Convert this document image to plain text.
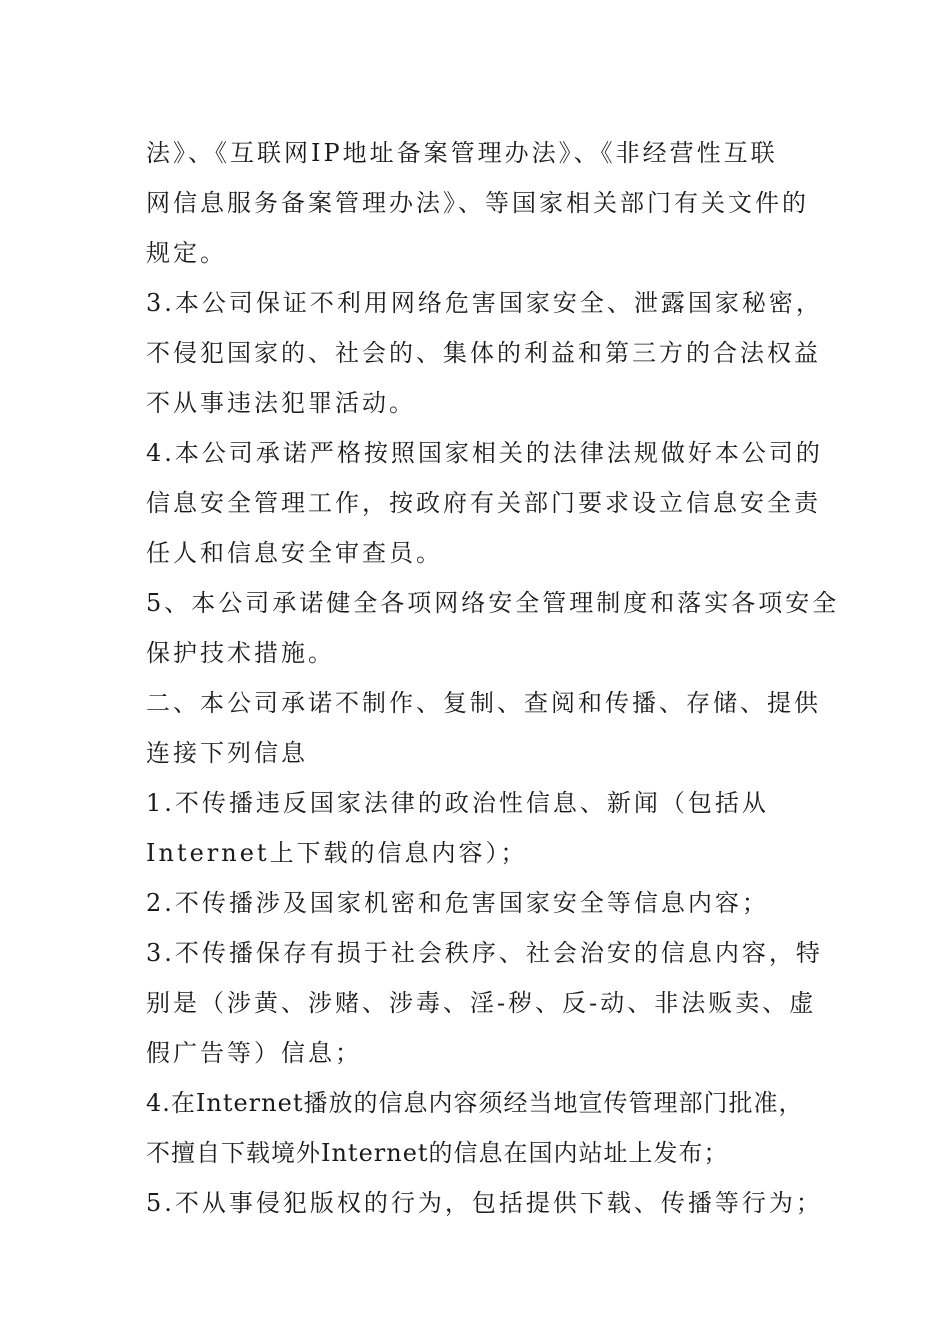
法》、《互联网IP地址备案管理办法》、《非经营性互联
网信息服务备案管理办法》、等国家相关部门有关文件的
规定。
3.本公司保证不利用网络危害国家安全、泄露国家秘密，
不侵犯国家的、社会的、集体的利益和第三方的合法权益
不从事违法犯罪活动。
4.本公司承诺严格按照国家相关的法律法规做好本公司的
信息安全管理工作，按政府有关部门要求设立信息安全责
任人和信息安全审查员。
5、本公司承诺健全各项网络安全管理制度和落实各项安全
保护技术措施。
二、本公司承诺不制作、复制、查阅和传播、存储、提供
连接下列信息
1.不传播违反国家法律的政治性信息、新闻（包括从
Internet上下载的信息内容）；
2.不传播涉及国家机密和危害国家安全等信息内容；
3.不传播保存有损于社会秩序、社会治安的信息内容，特
别是（涉黄、涉赌、涉毒、淫-秽、反-动、非法贩卖、虚
假广告等）信息；
4.在Internet播放的信息内容须经当地宣传管理部门批准，
不擅自下载境外Internet的信息在国内站址上发布；
5.不从事侵犯版权的行为，包括提供下载、传播等行为；
